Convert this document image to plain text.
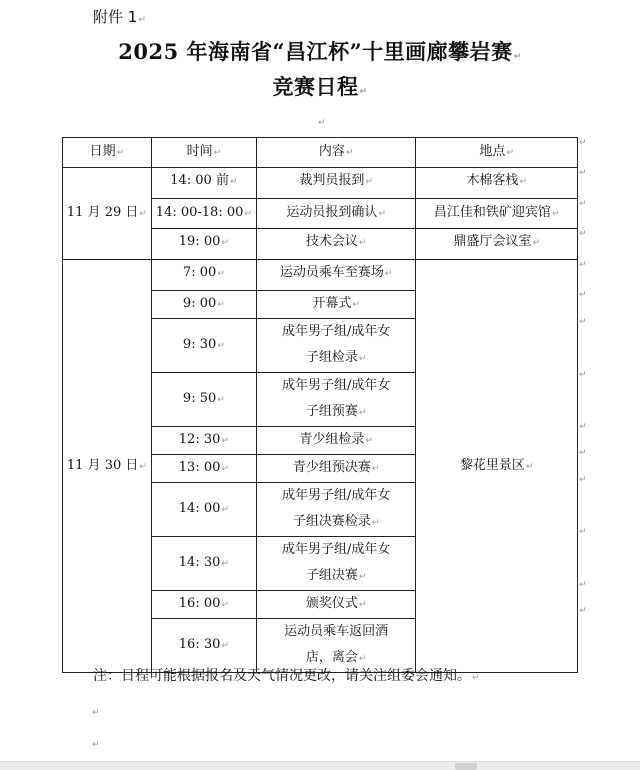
附件 1↵
2025 年海南省“昌江杯”十里画廊攀岩赛↵
竞赛日程↵
↵
日期↵	时间↵	内容↵	地点↵
11 月 29 日↵	14: 00 前↵	裁判员报到↵	木棉客栈↵
	14: 00-18: 00↵	运动员报到确认↵	昌江佳和铁矿迎宾馆↵
	19: 00↵	技术会议↵	鼎盛厅会议室↵
11 月 30 日↵	7: 00↵	运动员乘车至赛场↵	黎花里景区↵
	9: 00↵	开幕式↵	
	9: 30↵	成年男子组/成年女
子组检录↵	

	9: 50↵	成年男子组/成年女
子组预赛↵	

	12: 30↵	青少组检录↵	
	13: 00↵	青少组预决赛↵	
	14: 00↵	成年男子组/成年女
子组决赛检录↵	

	14: 30↵	成年男子组/成年女
子组决赛↵	

	16: 00↵	颁奖仪式↵	
	16: 30↵	运动员乘车返回酒
店，离会↵	
↵
↵
↵
↵
↵
↵
↵
↵
↵
↵
↵
↵
↵
↵
注：日程可能根据报名及天气情况更改，请关注组委会通知。↵
↵
↵
